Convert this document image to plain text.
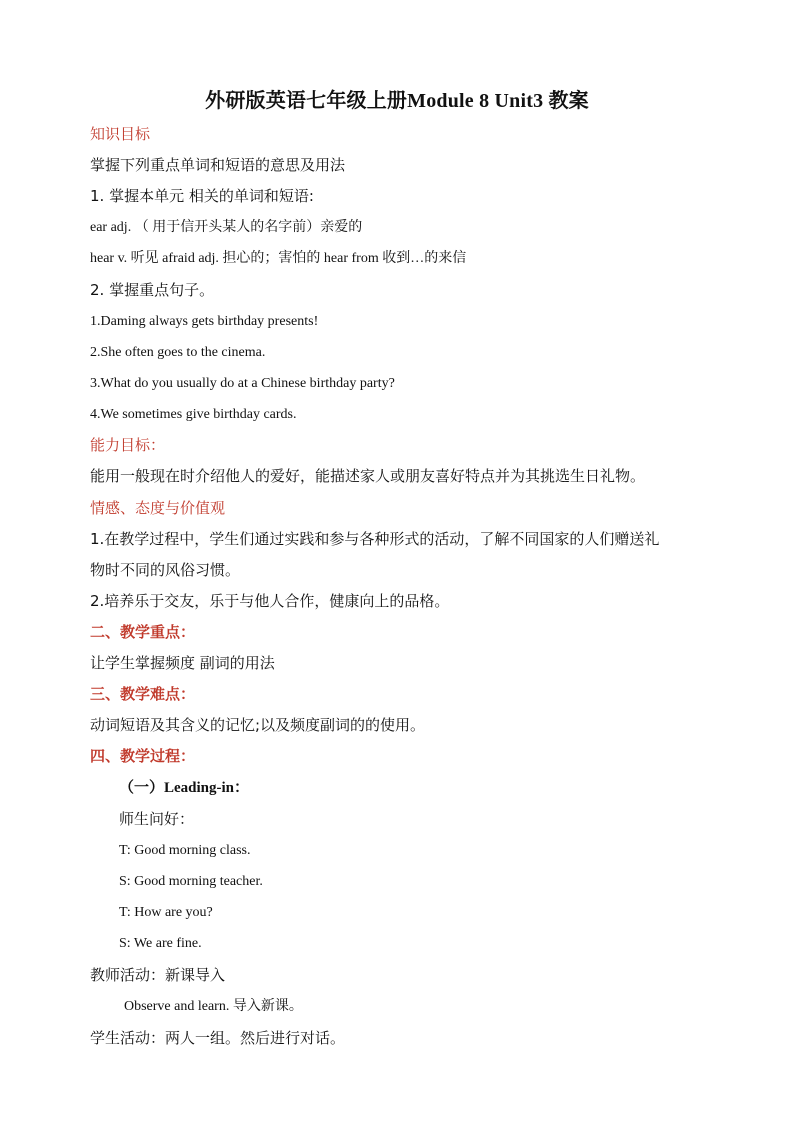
外研版英语七年级上册Module 8 Unit3 教案
知识目标
掌握下列重点单词和短语的意思及用法
1. 掌握本单元 相关的单词和短语:
ear adj. （ 用于信开头某人的名字前）亲爱的
hear v. 听见 afraid adj. 担心的；害怕的 hear from 收到…的来信
2. 掌握重点句子。
1.Daming always gets birthday presents!
2.She often goes to the cinema.
3.What do you usually do at a Chinese birthday party?
4.We sometimes give birthday cards.
能力目标：
能用一般现在时介绍他人的爱好，能描述家人或朋友喜好特点并为其挑选生日礼物。
情感、态度与价值观
1.在教学过程中，学生们通过实践和参与各种形式的活动，了解不同国家的人们赠送礼
物时不同的风俗习惯。
2.培养乐于交友，乐于与他人合作，健康向上的品格。
二、教学重点：
让学生掌握频度 副词的用法
三、教学难点：
动词短语及其含义的记忆;以及频度副词的的使用。
四、教学过程：
（一）Leading-in：
师生问好：
T: Good morning class.
S: Good morning teacher.
T: How are you?
S: We are fine.
教师活动：新课导入
Observe and learn. 导入新课。
学生活动：两人一组。然后进行对话。
